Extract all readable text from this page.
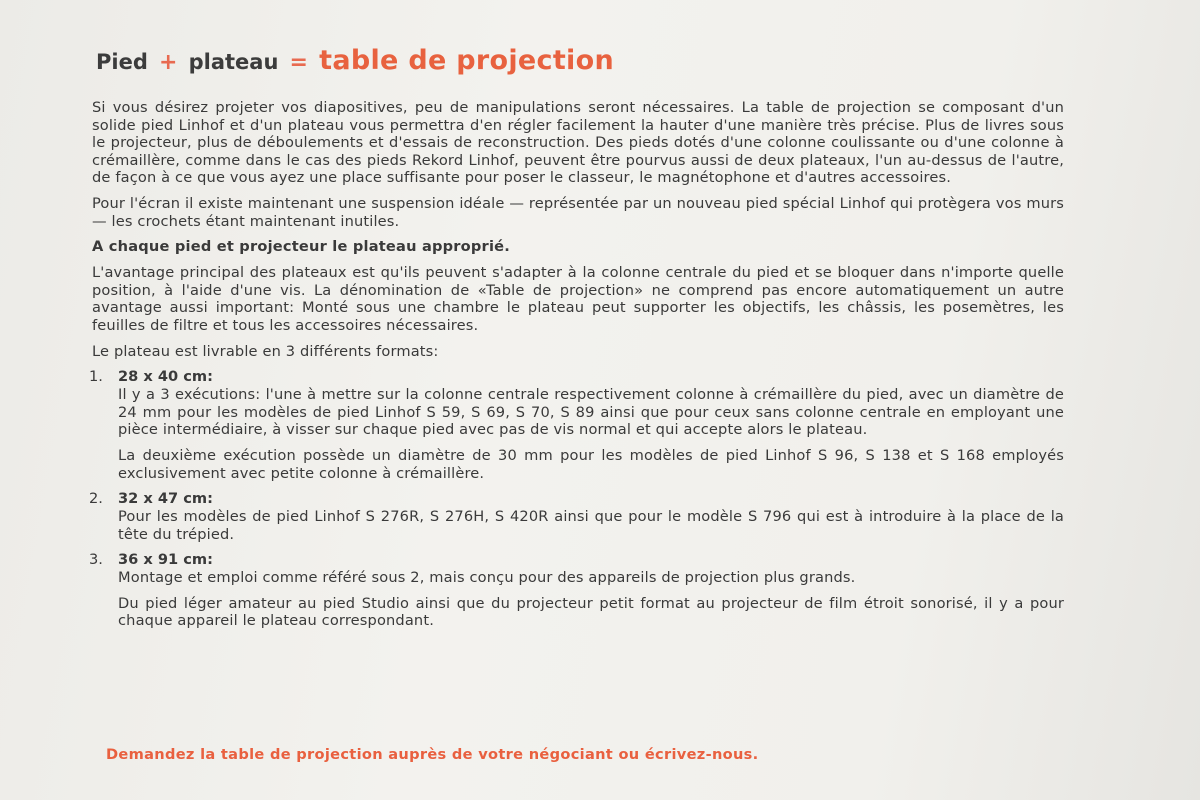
Pied + plateau = table de projection

Si vous désirez projeter vos diapositives, peu de manipulations seront nécessaires. La table de projection se composant d'un solide pied Linhof et d'un plateau vous permettra d'en régler facilement la hauter d'une manière très précise. Plus de livres sous le projecteur, plus de déboulements et d'essais de reconstruction. Des pieds dotés d'une colonne coulissante ou d'une colonne à crémaillère, comme dans le cas des pieds Rekord Linhof, peuvent être pourvus aussi de deux plateaux, l'un au-dessus de l'autre, de façon à ce que vous ayez une place suffisante pour poser le classeur, le magnétophone et d'autres accessoires.

Pour l'écran il existe maintenant une suspension idéale — représentée par un nouveau pied spécial Linhof qui protègera vos murs — les crochets étant maintenant inutiles.

A chaque pied et projecteur le plateau approprié.

L'avantage principal des plateaux est qu'ils peuvent s'adapter à la colonne centrale du pied et se bloquer dans n'importe quelle position, à l'aide d'une vis. La dénomination de «Table de projection» ne comprend pas encore automatiquement un autre avantage aussi important: Monté sous une chambre le plateau peut supporter les objectifs, les châssis, les posemètres, les feuilles de filtre et tous les accessoires nécessaires.

Le plateau est livrable en 3 différents formats:

1. 28 x 40 cm:

Il y a 3 exécutions: l'une à mettre sur la colonne centrale respectivement colonne à crémaillère du pied, avec un diamètre de 24 mm pour les modèles de pied Linhof S 59, S 69, S 70, S 89 ainsi que pour ceux sans colonne centrale en employant une pièce intermédiaire, à visser sur chaque pied avec pas de vis normal et qui accepte alors le plateau.

La deuxième exécution possède un diamètre de 30 mm pour les modèles de pied Linhof S 96, S 138 et S 168 employés exclusivement avec petite colonne à crémaillère.

2. 32 x 47 cm:

Pour les modèles de pied Linhof S 276R, S 276H, S 420R ainsi que pour le modèle S 796 qui est à introduire à la place de la tête du trépied.

3. 36 x 91 cm:

Montage et emploi comme référé sous 2, mais conçu pour des appareils de projection plus grands.

Du pied léger amateur au pied Studio ainsi que du projecteur petit format au projecteur de film étroit sonorisé, il y a pour chaque appareil le plateau correspondant.

Demandez la table de projection auprès de votre négociant ou écrivez-nous.
